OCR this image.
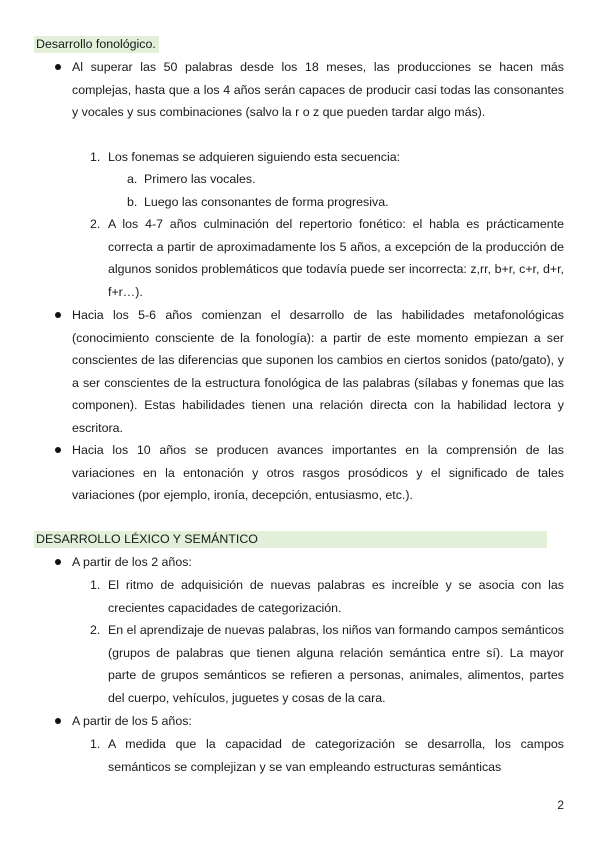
Desarrollo fonológico.
Al superar las 50 palabras desde los 18 meses, las producciones se hacen más complejas, hasta que a los 4 años serán capaces de producir casi todas las consonantes y vocales y sus combinaciones (salvo la r o z que pueden tardar algo más).
1. Los fonemas se adquieren siguiendo esta secuencia:
a. Primero las vocales.
b. Luego las consonantes de forma progresiva.
2. A los 4-7 años culminación del repertorio fonético: el habla es prácticamente correcta a partir de aproximadamente los 5 años, a excepción de la producción de algunos sonidos problemáticos que todavía puede ser incorrecta: z,rr, b+r, c+r, d+r, f+r…).
Hacia los 5-6 años comienzan el desarrollo de las habilidades metafonológicas (conocimiento consciente de la fonología): a partir de este momento empiezan a ser conscientes de las diferencias que suponen los cambios en ciertos sonidos (pato/gato), y a ser conscientes de la estructura fonológica de las palabras (sílabas y fonemas que las componen). Estas habilidades tienen una relación directa con la habilidad lectora y escritora.
Hacia los 10 años se producen avances importantes en la comprensión de las variaciones en la entonación y otros rasgos prosódicos y el significado de tales variaciones (por ejemplo, ironía, decepción, entusiasmo, etc.).
DESARROLLO LÉXICO Y SEMÁNTICO
A partir de los 2 años:
1. El ritmo de adquisición de nuevas palabras es increíble y se asocia con las crecientes capacidades de categorización.
2. En el aprendizaje de nuevas palabras, los niños van formando campos semánticos (grupos de palabras que tienen alguna relación semántica entre sí). La mayor parte de grupos semánticos se refieren a personas, animales, alimentos, partes del cuerpo, vehículos, juguetes y cosas de la cara.
A partir de los 5 años:
1. A medida que la capacidad de categorización se desarrolla, los campos semánticos se complejizan y se van empleando estructuras semánticas
2
